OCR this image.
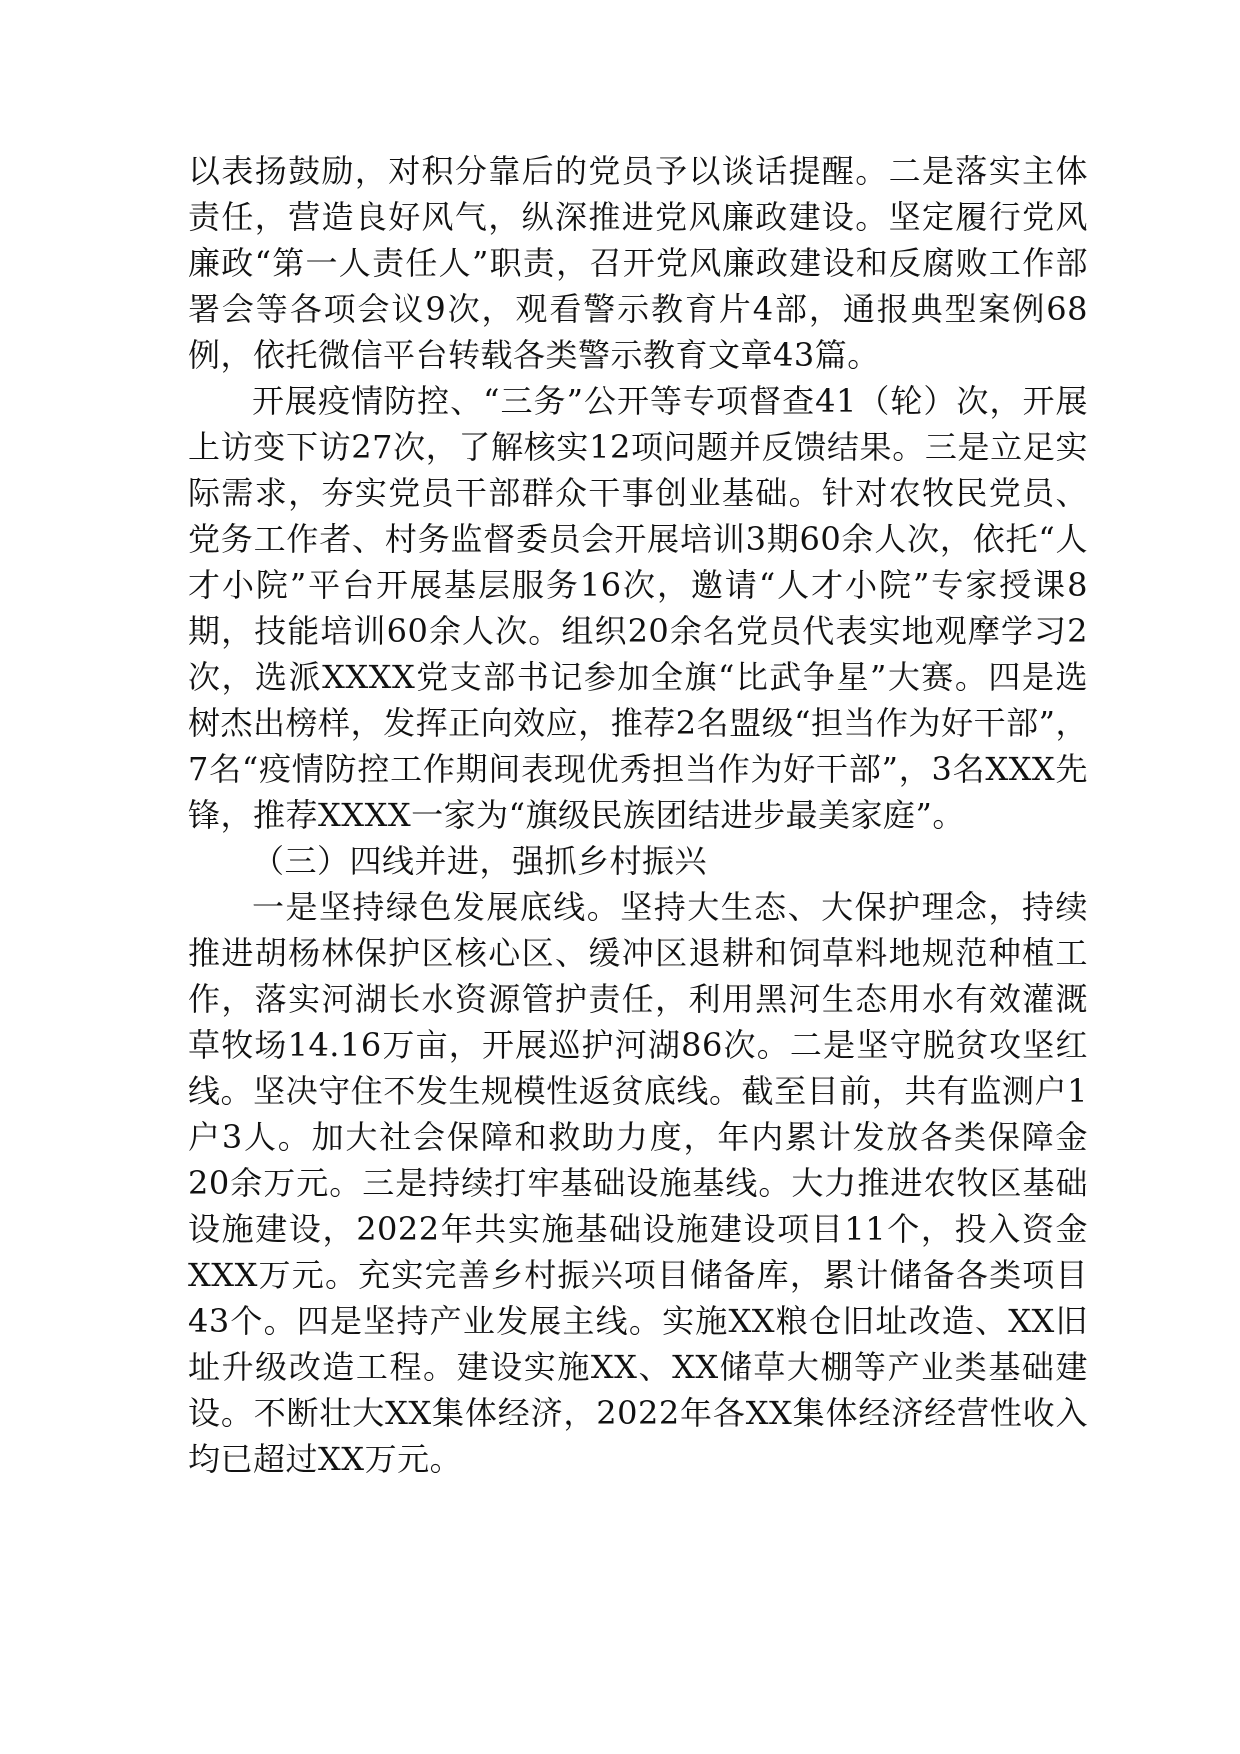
以表扬鼓励，对积分靠后的党员予以谈话提醒。二是落实主体责任，营造良好风气，纵深推进党风廉政建设。坚定履行党风廉政“第一人责任人”职责，召开党风廉政建设和反腐败工作部署会等各项会议9次，观看警示教育片4部，通报典型案例68例，依托微信平台转载各类警示教育文章43篇。

开展疫情防控、“三务”公开等专项督查41（轮）次，开展上访变下访27次，了解核实12项问题并反馈结果。三是立足实际需求，夯实党员干部群众干事创业基础。针对农牧民党员、党务工作者、村务监督委员会开展培训3期60余人次，依托“人才小院”平台开展基层服务16次，邀请“人才小院”专家授课8期，技能培训60余人次。组织20余名党员代表实地观摩学习2次，选派XXXX党支部书记参加全旗“比武争星”大赛。四是选树杰出榜样，发挥正向效应，推荐2名盟级“担当作为好干部”，7名“疫情防控工作期间表现优秀担当作为好干部”，3名XXX先锋，推荐XXXX一家为“旗级民族团结进步最美家庭”。

（三）四线并进，强抓乡村振兴

一是坚持绿色发展底线。坚持大生态、大保护理念，持续推进胡杨林保护区核心区、缓冲区退耕和饲草料地规范种植工作，落实河湖长水资源管护责任，利用黑河生态用水有效灌溉草牧场14.16万亩，开展巡护河湖86次。二是坚守脱贫攻坚红线。坚决守住不发生规模性返贫底线。截至目前，共有监测户1户3人。加大社会保障和救助力度，年内累计发放各类保障金20余万元。三是持续打牢基础设施基线。大力推进农牧区基础设施建设，2022年共实施基础设施建设项目11个，投入资金XXX万元。充实完善乡村振兴项目储备库，累计储备各类项目43个。四是坚持产业发展主线。实施XX粮仓旧址改造、XX旧址升级改造工程。建设实施XX、XX储草大棚等产业类基础建设。不断壮大XX集体经济，2022年各XX集体经济经营性收入均已超过XX万元。
